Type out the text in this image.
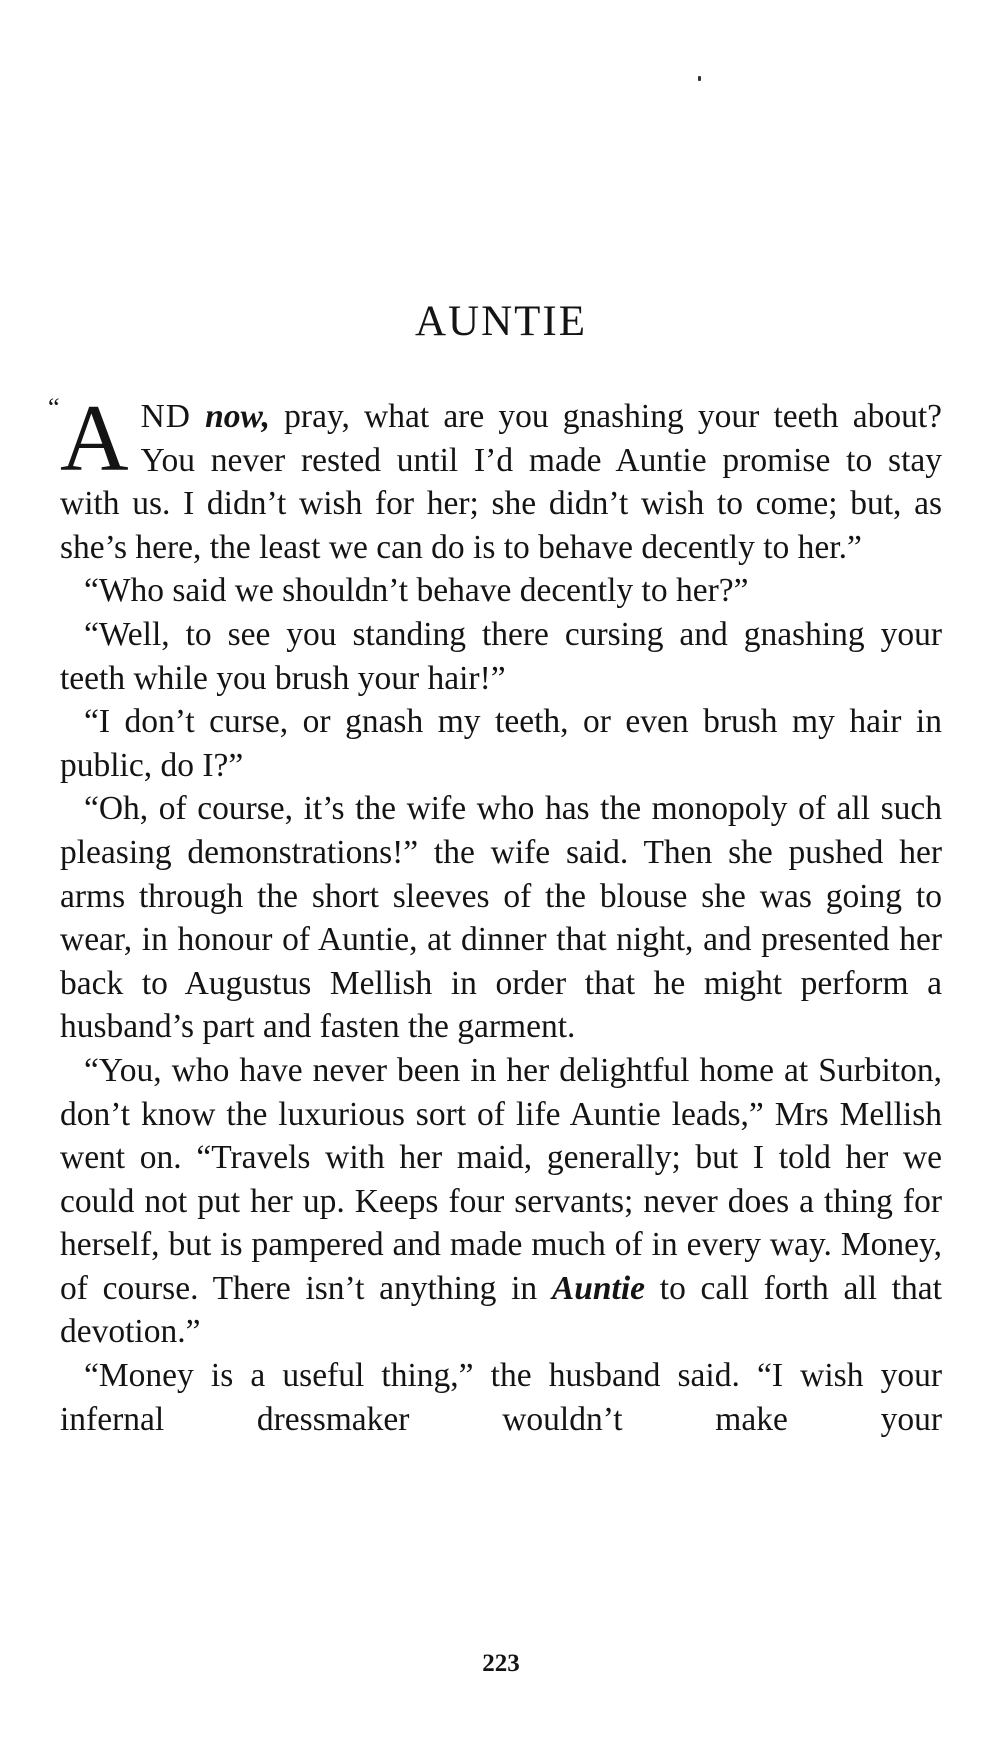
AUNTIE

“ A ND now, pray, what are you gnashing your teeth about? You never rested until I’d made Auntie promise to stay with us. I didn’t wish for her; she didn’t wish to come; but, as she’s here, the least we can do is to behave decently to her.”

“Who said we shouldn’t behave decently to her?”

“Well, to see you standing there cursing and gnashing your teeth while you brush your hair!”

“I don’t curse, or gnash my teeth, or even brush my hair in public, do I?”

“Oh, of course, it’s the wife who has the monopoly of all such pleasing demonstrations!” the wife said. Then she pushed her arms through the short sleeves of the blouse she was going to wear, in honour of Auntie, at dinner that night, and presented her back to Augustus Mellish in order that he might perform a husband’s part and fasten the garment.

“You, who have never been in her delightful home at Surbiton, don’t know the luxurious sort of life Auntie leads,” Mrs Mellish went on. “Travels with her maid, generally; but I told her we could not put her up. Keeps four servants; never does a thing for herself, but is pampered and made much of in every way. Money, of course. There isn’t anything in Auntie to call forth all that devotion.”

“Money is a useful thing,” the husband said. “I wish your infernal dressmaker wouldn’t make your

223
